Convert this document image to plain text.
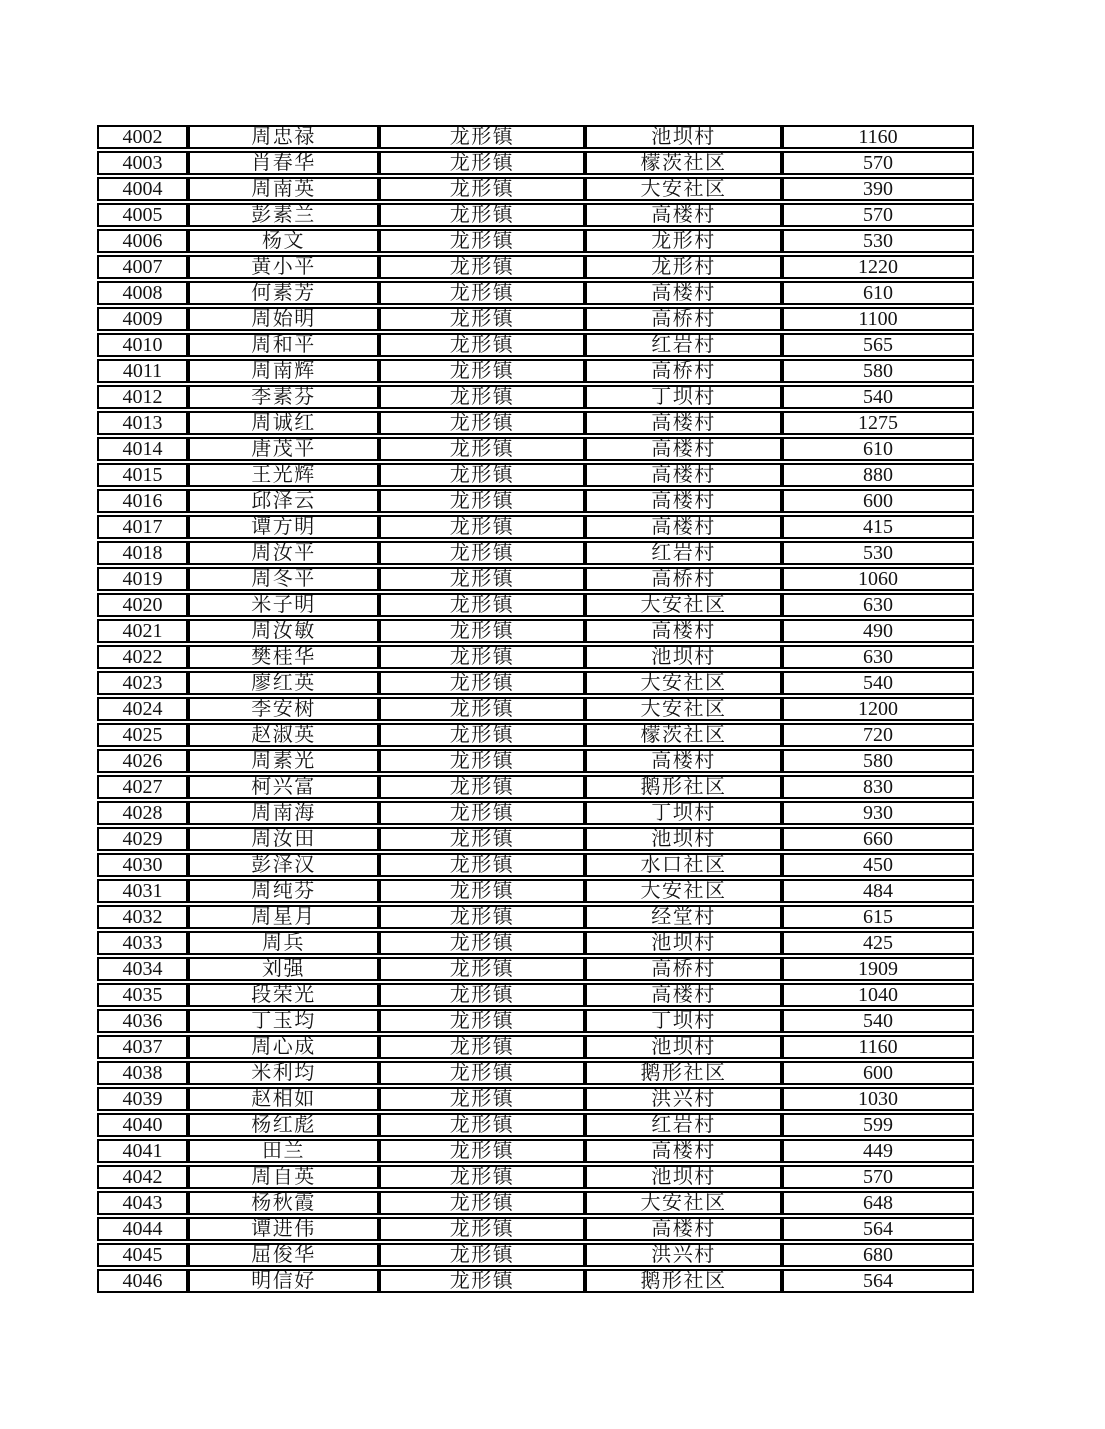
4002	周忠禄	龙形镇	池坝村	1160
4003	肖春华	龙形镇	檬茨社区	570
4004	周南英	龙形镇	大安社区	390
4005	彭素兰	龙形镇	高楼村	570
4006	杨文	龙形镇	龙形村	530
4007	黄小平	龙形镇	龙形村	1220
4008	何素芳	龙形镇	高楼村	610
4009	周始明	龙形镇	高桥村	1100
4010	周和平	龙形镇	红岩村	565
4011	周南辉	龙形镇	高桥村	580
4012	李素芬	龙形镇	丁坝村	540
4013	周诚红	龙形镇	高楼村	1275
4014	唐茂平	龙形镇	高楼村	610
4015	王光辉	龙形镇	高楼村	880
4016	邱泽云	龙形镇	高楼村	600
4017	谭方明	龙形镇	高楼村	415
4018	周汝平	龙形镇	红岩村	530
4019	周冬平	龙形镇	高桥村	1060
4020	米子明	龙形镇	大安社区	630
4021	周汝敏	龙形镇	高楼村	490
4022	樊桂华	龙形镇	池坝村	630
4023	廖红英	龙形镇	大安社区	540
4024	李安树	龙形镇	大安社区	1200
4025	赵淑英	龙形镇	檬茨社区	720
4026	周素光	龙形镇	高楼村	580
4027	柯兴富	龙形镇	鹅形社区	830
4028	周南海	龙形镇	丁坝村	930
4029	周汝田	龙形镇	池坝村	660
4030	彭泽汉	龙形镇	水口社区	450
4031	周纯芬	龙形镇	大安社区	484
4032	周星月	龙形镇	经堂村	615
4033	周兵	龙形镇	池坝村	425
4034	刘强	龙形镇	高桥村	1909
4035	段荣光	龙形镇	高楼村	1040
4036	丁玉均	龙形镇	丁坝村	540
4037	周心成	龙形镇	池坝村	1160
4038	米利均	龙形镇	鹅形社区	600
4039	赵相如	龙形镇	洪兴村	1030
4040	杨红彪	龙形镇	红岩村	599
4041	田兰	龙形镇	高楼村	449
4042	周自英	龙形镇	池坝村	570
4043	杨秋霞	龙形镇	大安社区	648
4044	谭进伟	龙形镇	高楼村	564
4045	屈俊华	龙形镇	洪兴村	680
4046	明信好	龙形镇	鹅形社区	564
